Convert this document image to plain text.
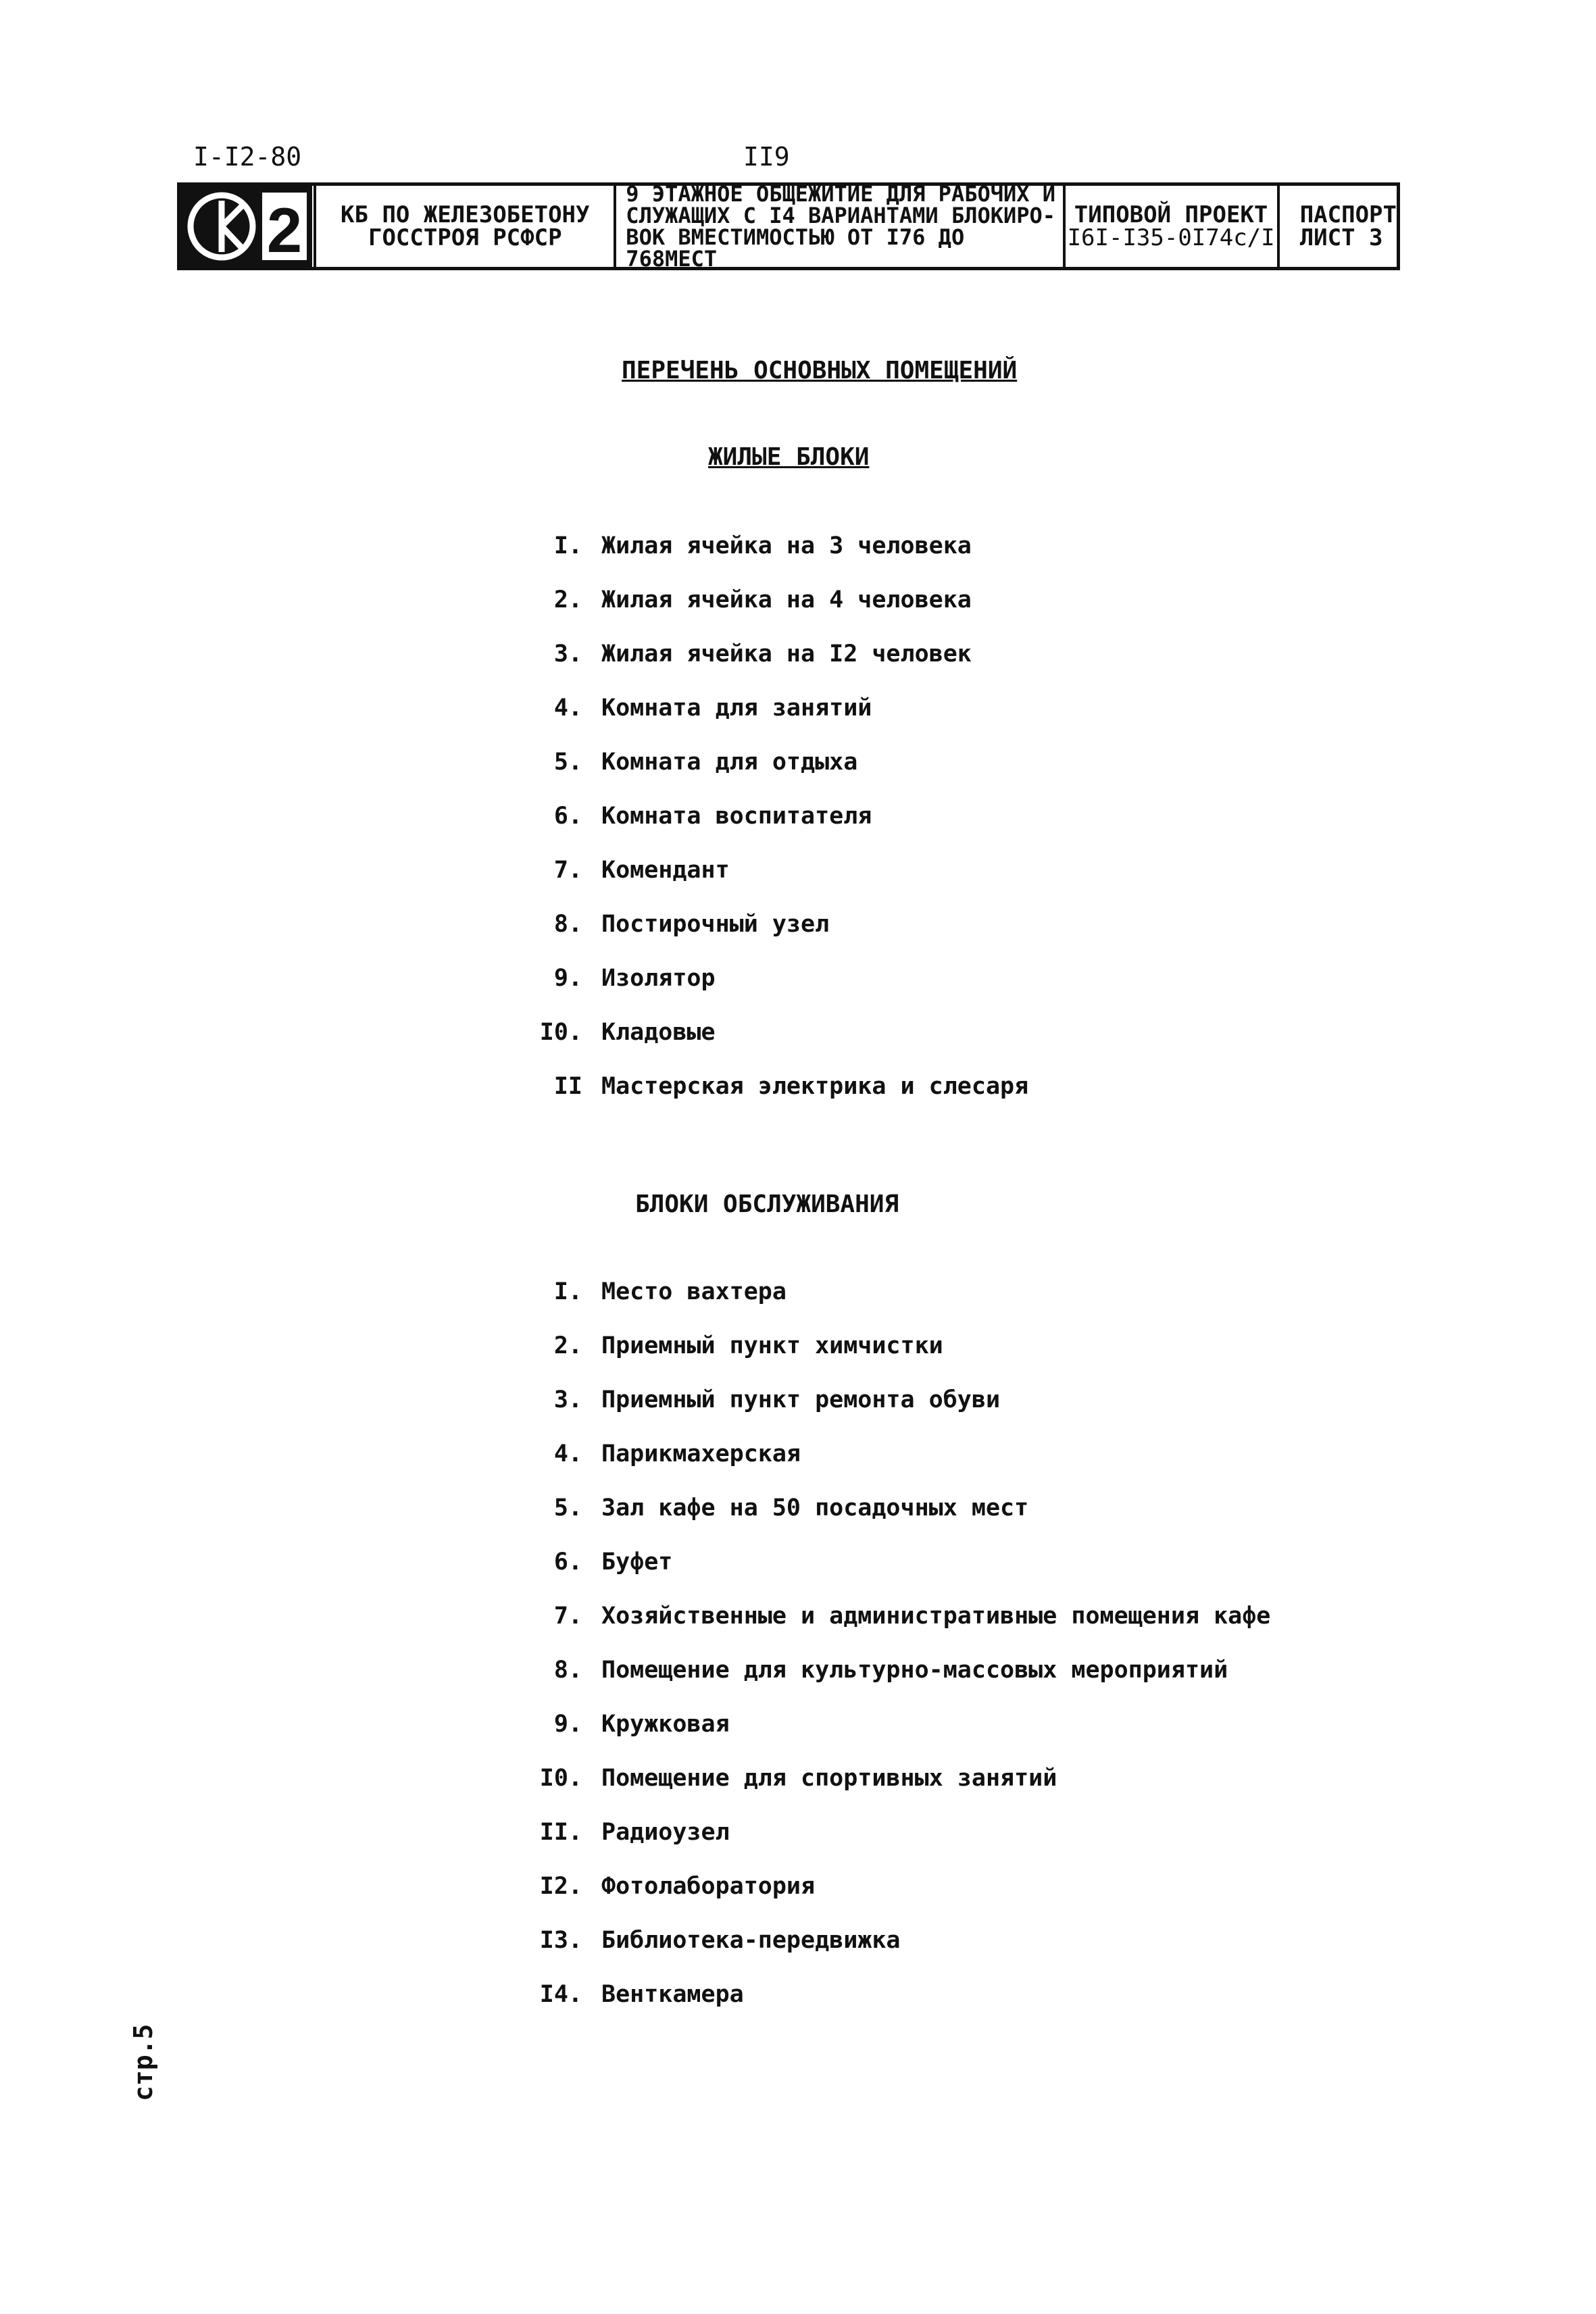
I-I2-80	II9
2 КБ ПО ЖЕЛЕЗОБЕТОНУ
ГОССТРОЯ РСФСР
9 ЭТАЖНОЕ ОБЩЕЖИТИЕ ДЛЯ РАБОЧИХ И
СЛУЖАЩИХ С I4 ВАРИАНТАМИ БЛОКИРО-
ВОК ВМЕСТИМОСТЬЮ ОТ I76 ДО 768МЕСТ
ТИПОВОЙ ПРОЕКТ
I6I-I35-0I74с/I
ПАСПОРТ
ЛИСТ 3
ПЕРЕЧЕНЬ ОСНОВНЫХ ПОМЕЩЕНИЙ
ЖИЛЫЕ БЛОКИ
I. Жилая ячейка на 3 человека
2. Жилая ячейка на 4 человека
3. Жилая ячейка на I2 человек
4. Комната для занятий
5. Комната для отдыха
6. Комната воспитателя
7. Комендант
8. Постирочный узел
9. Изолятор
I0. Кладовые
II Мастерская электрика и слесаря
БЛОКИ ОБСЛУЖИВАНИЯ
I. Место вахтера
2. Приемный пункт химчистки
3. Приемный пункт ремонта обуви
4. Парикмахерская
5. Зал кафе на 50 посадочных мест
6. Буфет
7. Хозяйственные и административные помещения кафе
8. Помещение для культурно-массовых мероприятий
9. Кружковая
I0. Помещение для спортивных занятий
II. Радиоузел
I2. Фотолаборатория
I3. Библиотека-передвижка
I4. Венткамера
стр.5
